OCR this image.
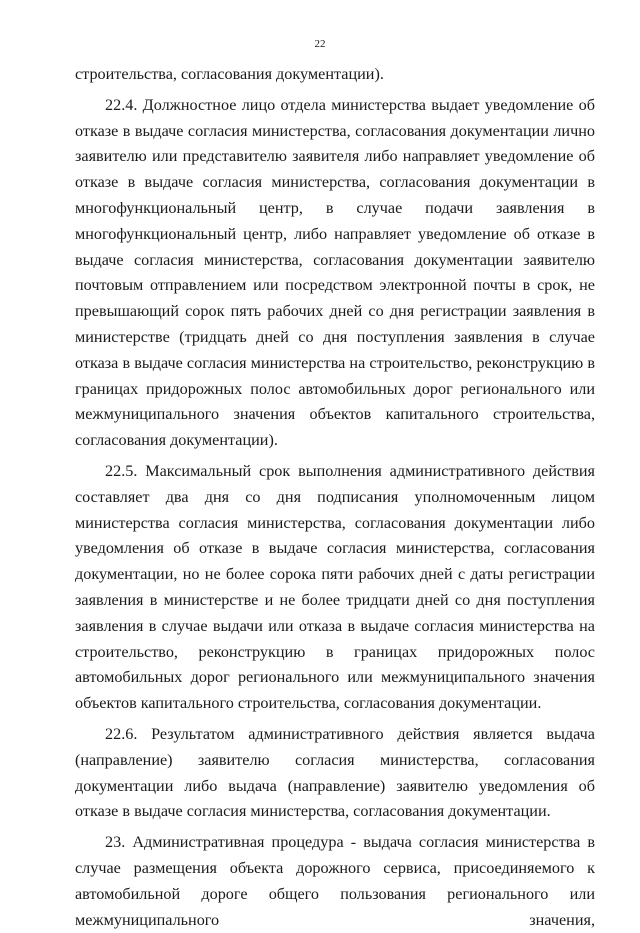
22

строительства, согласования документации).

22.4. Должностное лицо отдела министерства выдает уведомление об отказе в выдаче согласия министерства, согласования документации лично заявителю или представителю заявителя либо направляет уведомление об отказе в выдаче согласия министерства, согласования документации в многофункциональный центр, в случае подачи заявления в многофункциональный центр, либо направляет уведомление об отказе в выдаче согласия министерства, согласования документации заявителю почтовым отправлением или посредством электронной почты в срок, не превышающий сорок пять рабочих дней со дня регистрации заявления в министерстве (тридцать дней со дня поступления заявления в случае отказа в выдаче согласия министерства на строительство, реконструкцию в границах придорожных полос автомобильных дорог регионального или межмуниципального значения объектов капитального строительства, согласования документации).

22.5. Максимальный срок выполнения административного действия составляет два дня со дня подписания уполномоченным лицом министерства согласия министерства, согласования документации либо уведомления об отказе в выдаче согласия министерства, согласования документации, но не более сорока пяти рабочих дней с даты регистрации заявления в министерстве и не более тридцати дней со дня поступления заявления в случае выдачи или отказа в выдаче согласия министерства на строительство, реконструкцию в границах придорожных полос автомобильных дорог регионального или межмуниципального значения объектов капитального строительства, согласования документации.

22.6. Результатом административного действия является выдача (направление) заявителю согласия министерства, согласования документации либо выдача (направление) заявителю уведомления об отказе в выдаче согласия министерства, согласования документации.

23. Административная процедура - выдача согласия министерства в случае размещения объекта дорожного сервиса, присоединяемого к автомобильной дороге общего пользования регионального или межмуниципального значения,
